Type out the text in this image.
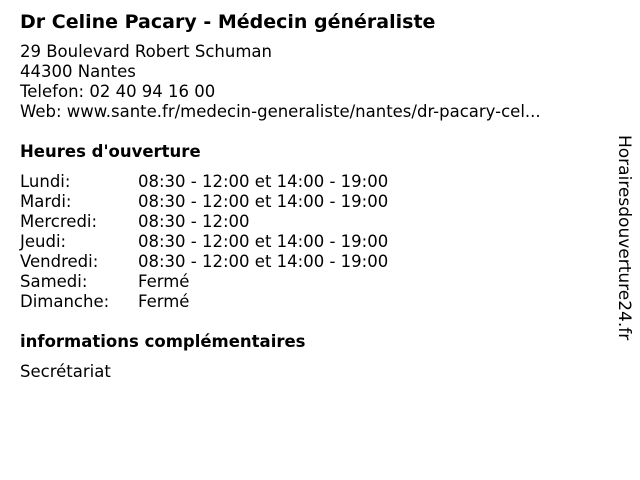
Dr Celine Pacary - Médecin généraliste
29 Boulevard Robert Schuman
44300 Nantes
Telefon: 02 40 94 16 00
Web: www.sante.fr/medecin-generaliste/nantes/dr-pacary-cel...
Heures d'ouverture
Lundi:	08:30 - 12:00 et 14:00 - 19:00
Mardi:	08:30 - 12:00 et 14:00 - 19:00
Mercredi:	08:30 - 12:00
Jeudi:	08:30 - 12:00 et 14:00 - 19:00
Vendredi:	08:30 - 12:00 et 14:00 - 19:00
Samedi:	Fermé
Dimanche:	Fermé
informations complémentaires
Secrétariat
Horairesdouverture24.fr
